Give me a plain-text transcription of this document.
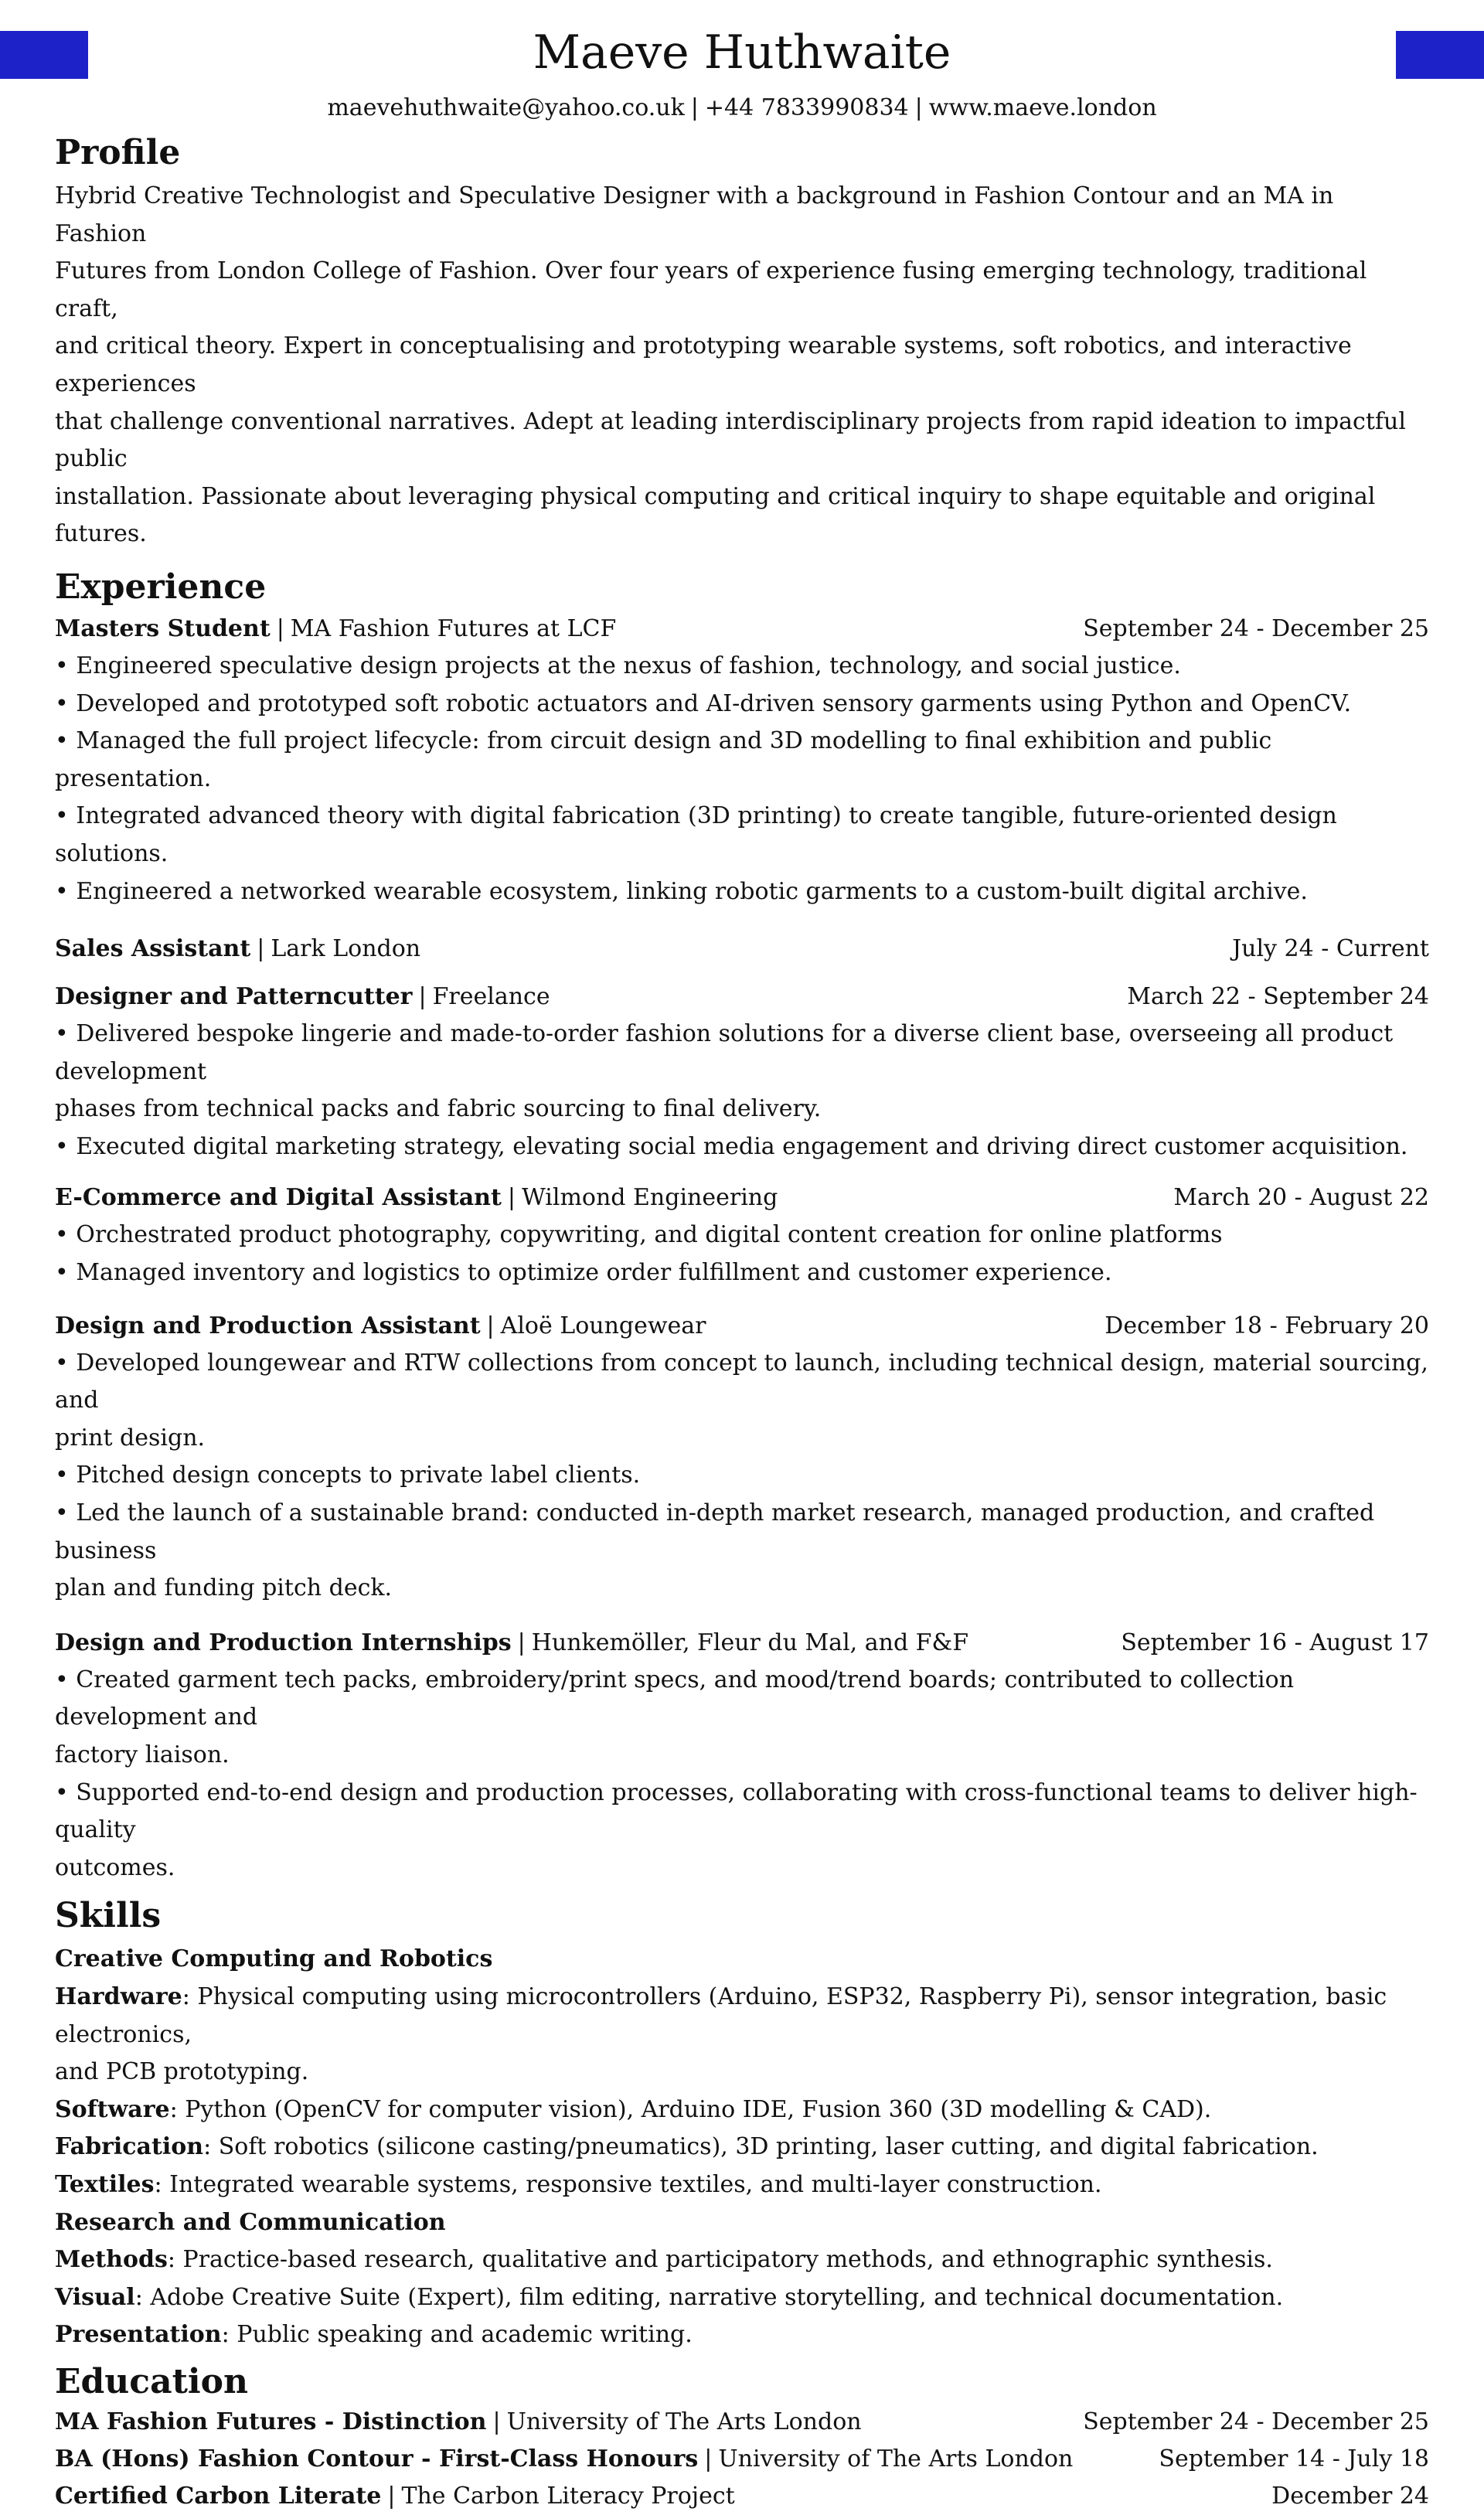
Maeve Huthwaite
maevehuthwaite@yahoo.co.uk | +44 7833990834 | www.maeve.london
Profile
Hybrid Creative Technologist and Speculative Designer with a background in Fashion Contour and an MA in Fashion
Futures from London College of Fashion. Over four years of experience fusing emerging technology, traditional craft,
and critical theory. Expert in conceptualising and prototyping wearable systems, soft robotics, and interactive experiences
that challenge conventional narratives. Adept at leading interdisciplinary projects from rapid ideation to impactful public
installation. Passionate about leveraging physical computing and critical inquiry to shape equitable and original futures.
Experience
Masters Student | MA Fashion Futures at LCF	September 24 - December 25
• Engineered speculative design projects at the nexus of fashion, technology, and social justice.
• Developed and prototyped soft robotic actuators and AI-driven sensory garments using Python and OpenCV.
• Managed the full project lifecycle: from circuit design and 3D modelling to final exhibition and public presentation.
• Integrated advanced theory with digital fabrication (3D printing) to create tangible, future-oriented design solutions.
• Engineered a networked wearable ecosystem, linking robotic garments to a custom-built digital archive.
Sales Assistant | Lark London	July 24 - Current
Designer and Patterncutter | Freelance	March 22 - September 24
• Delivered bespoke lingerie and made-to-order fashion solutions for a diverse client base, overseeing all product development
phases from technical packs and fabric sourcing to final delivery.
• Executed digital marketing strategy, elevating social media engagement and driving direct customer acquisition.
E-Commerce and Digital Assistant | Wilmond Engineering	March 20 - August 22
• Orchestrated product photography, copywriting, and digital content creation for online platforms
• Managed inventory and logistics to optimize order fulfillment and customer experience.
Design and Production Assistant | Aloë Loungewear	December 18 - February 20
• Developed loungewear and RTW collections from concept to launch, including technical design, material sourcing, and
print design.
• Pitched design concepts to private label clients.
• Led the launch of a sustainable brand: conducted in-depth market research, managed production, and crafted business
plan and funding pitch deck.
Design and Production Internships | Hunkemöller, Fleur du Mal, and F&F	September 16 - August 17
• Created garment tech packs, embroidery/print specs, and mood/trend boards; contributed to collection development and
factory liaison.
• Supported end-to-end design and production processes, collaborating with cross-functional teams to deliver high-quality
outcomes.
Skills
Creative Computing and Robotics
Hardware: Physical computing using microcontrollers (Arduino, ESP32, Raspberry Pi), sensor integration, basic electronics,
and PCB prototyping.
Software: Python (OpenCV for computer vision), Arduino IDE, Fusion 360 (3D modelling & CAD).
Fabrication: Soft robotics (silicone casting/pneumatics), 3D printing, laser cutting, and digital fabrication.
Textiles: Integrated wearable systems, responsive textiles, and multi-layer construction.
Research and Communication
Methods: Practice-based research, qualitative and participatory methods, and ethnographic synthesis.
Visual: Adobe Creative Suite (Expert), film editing, narrative storytelling, and technical documentation.
Presentation: Public speaking and academic writing.
Education
MA Fashion Futures - Distinction | University of The Arts London	September 24 - December 25
BA (Hons) Fashion Contour - First-Class Honours | University of The Arts London	September 14 - July 18
Certified Carbon Literate | The Carbon Literacy Project	December 24
